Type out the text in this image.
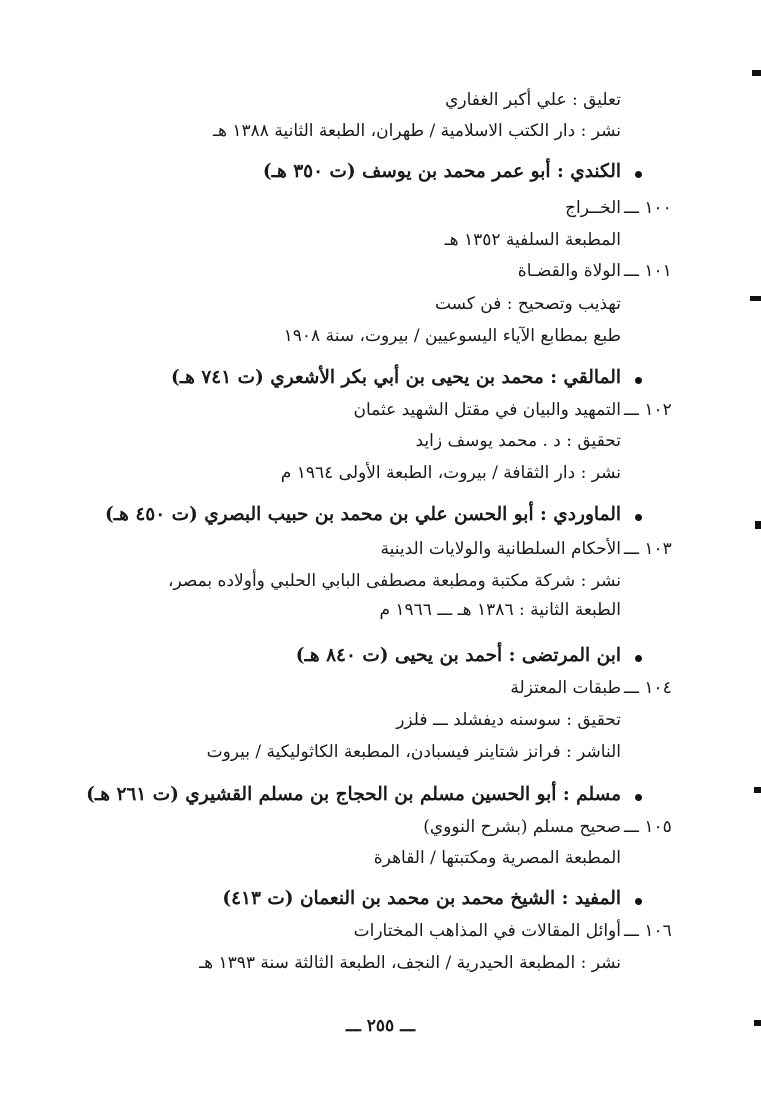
تعليق : علي أكبر الغفاري
نشر : دار الكتب الاسلامية / طهران، الطبعة الثانية ١٣٨٨ هـ
الكندي : أبو عمر محمد بن يوسف (ت ٣٥٠ هـ)
١٠٠ ـــ
الخــراج
المطبعة السلفية ١٣٥٢ هـ
١٠١ ـــ
الولاة والقضـاة
تهذيب وتصحيح : فن كست
طبع بمطابع الآياء اليسوعيين / بيروت، سنة ١٩٠٨
المالقي : محمد بن يحيى بن أبي بكر الأشعري (ت ٧٤١ هـ)
١٠٢ ـــ
التمهيد والبيان في مقتل الشهيد عثمان
تحقيق : د . محمد يوسف زايد
نشر : دار الثقافة / بيروت، الطبعة الأولى ١٩٦٤ م
الماوردي : أبو الحسن علي بن محمد بن حبيب البصري (ت ٤٥٠ هـ)
١٠٣ ـــ
الأحكام السلطانية والولايات الدينية
نشر : شركة مكتبة ومطبعة مصطفى البابي الحلبي وأولاده بمصر،
الطبعة الثانية : ١٣٨٦ هـ ـــ ١٩٦٦ م
ابن المرتضى : أحمد بن يحيى (ت ٨٤٠ هـ)
١٠٤ ـــ
طبقات المعتزلة
تحقيق : سوسنه ديفشلد ـــ فلزر
الناشر : فرانز شتاينر فيسبادن، المطبعة الكاثوليكية / بيروت
مسلم : أبو الحسين مسلم بن الحجاج بن مسلم القشيري (ت ٢٦١ هـ)
١٠٥ ـــ
صحيح مسلم (بشرح النووي)
المطبعة المصرية ومكتبتها / القاهرة
المفيد : الشيخ محمد بن محمد بن النعمان (ت ٤١٣)
١٠٦ ـــ
أوائل المقالات في المذاهب المختارات
نشر : المطبعة الحيدرية / النجف، الطبعة الثالثة سنة ١٣٩٣ هـ
ـــ ٢٥٥ ـــ
